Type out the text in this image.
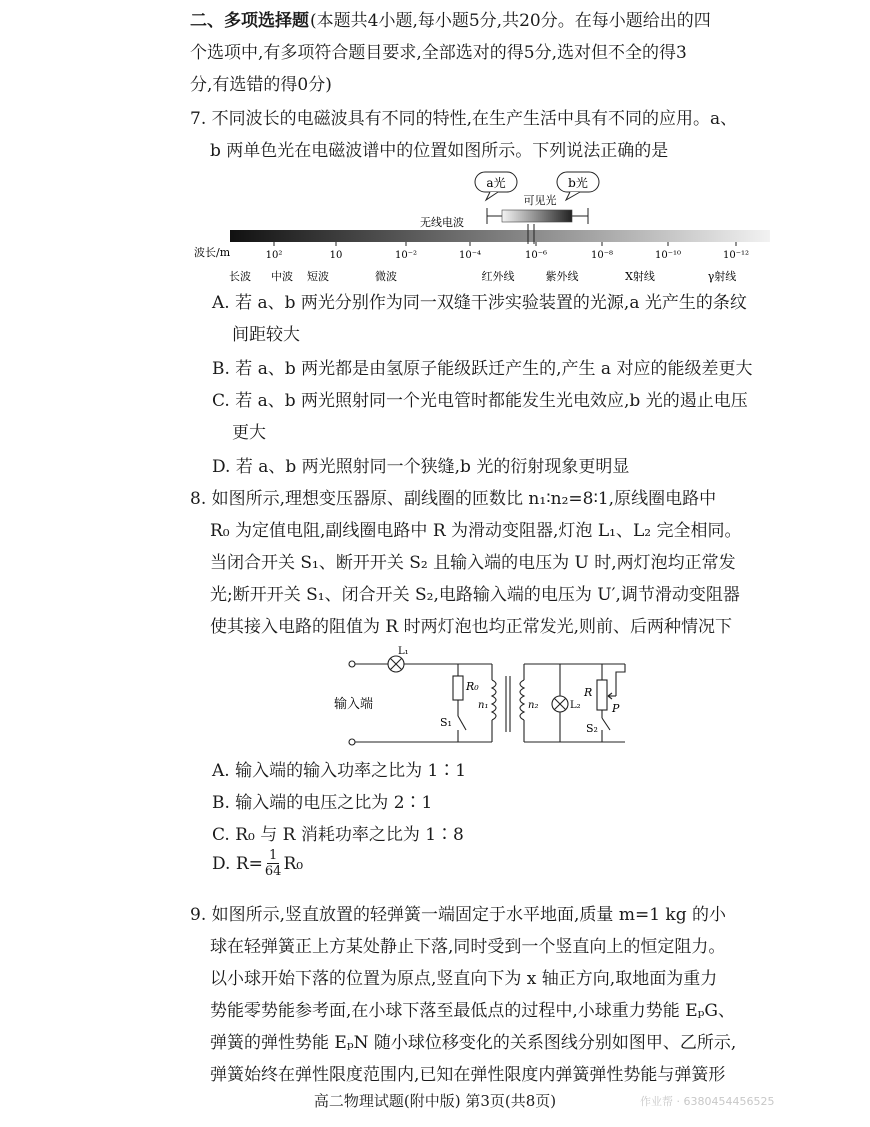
二、多项选择题 (本题共4小题,每小题5分,共20分。在每小题给出的四
个选项中,有多项符合题目要求,全部选对的得5分,选对但不全的得3
分,有选错的得0分)
7. 不同波长的电磁波具有不同的特性,在生产生活中具有不同的应用。a、
b 两单色光在电磁波谱中的位置如图所示。下列说法正确的是
a光	b光
可见光
无线电波
波长/m	10²	10	10⁻²	10⁻⁴	10⁻⁶	10⁻⁸	10⁻¹⁰	10⁻¹²
长波 中波 短波	微波	红外线	紫外线	X射线	γ射线
A. 若 a、b 两光分别作为同一双缝干涉实验装置的光源,a 光产生的条纹
间距较大
B. 若 a、b 两光都是由氢原子能级跃迁产生的,产生 a 对应的能级差更大
C. 若 a、b 两光照射同一个光电管时都能发生光电效应,b 光的遏止电压
更大
D. 若 a、b 两光照射同一个狭缝,b 光的衍射现象更明显
8. 如图所示,理想变压器原、副线圈的匝数比 n₁∶n₂=8∶1,原线圈电路中
R₀ 为定值电阻,副线圈电路中 R 为滑动变阻器,灯泡 L₁、L₂ 完全相同。
当闭合开关 S₁、断开开关 S₂ 且输入端的电压为 U 时,两灯泡均正常发
光;断开开关 S₁、闭合开关 S₂,电路输入端的电压为 U′,调节滑动变阻器
使其接入电路的阻值为 R 时两灯泡也均正常发光,则前、后两种情况下
L₁
R₀
S₁
n₁	n₂	L₂
R
P
S₂
输入端
A. 输入端的输入功率之比为 1∶1
B. 输入端的电压之比为 2∶1
C. R₀ 与 R 消耗功率之比为 1∶8
D. $R= \frac{1}{64} R_0$
9. 如图所示,竖直放置的轻弹簧一端固定于水平地面,质量 m=1 kg 的小
球在轻弹簧正上方某处静止下落,同时受到一个竖直向上的恒定阻力。
以小球开始下落的位置为原点,竖直向下为 x 轴正方向,取地面为重力
势能零势能参考面,在小球下落至最低点的过程中,小球重力势能 EₚG、
弹簧的弹性势能 EₚN 随小球位移变化的关系图线分别如图甲、乙所示,
弹簧始终在弹性限度范围内,已知在弹性限度内弹簧弹性势能与弹簧形
高二物理试题(附中版) 第3页(共8页)	作业帮 · 6380454456525
